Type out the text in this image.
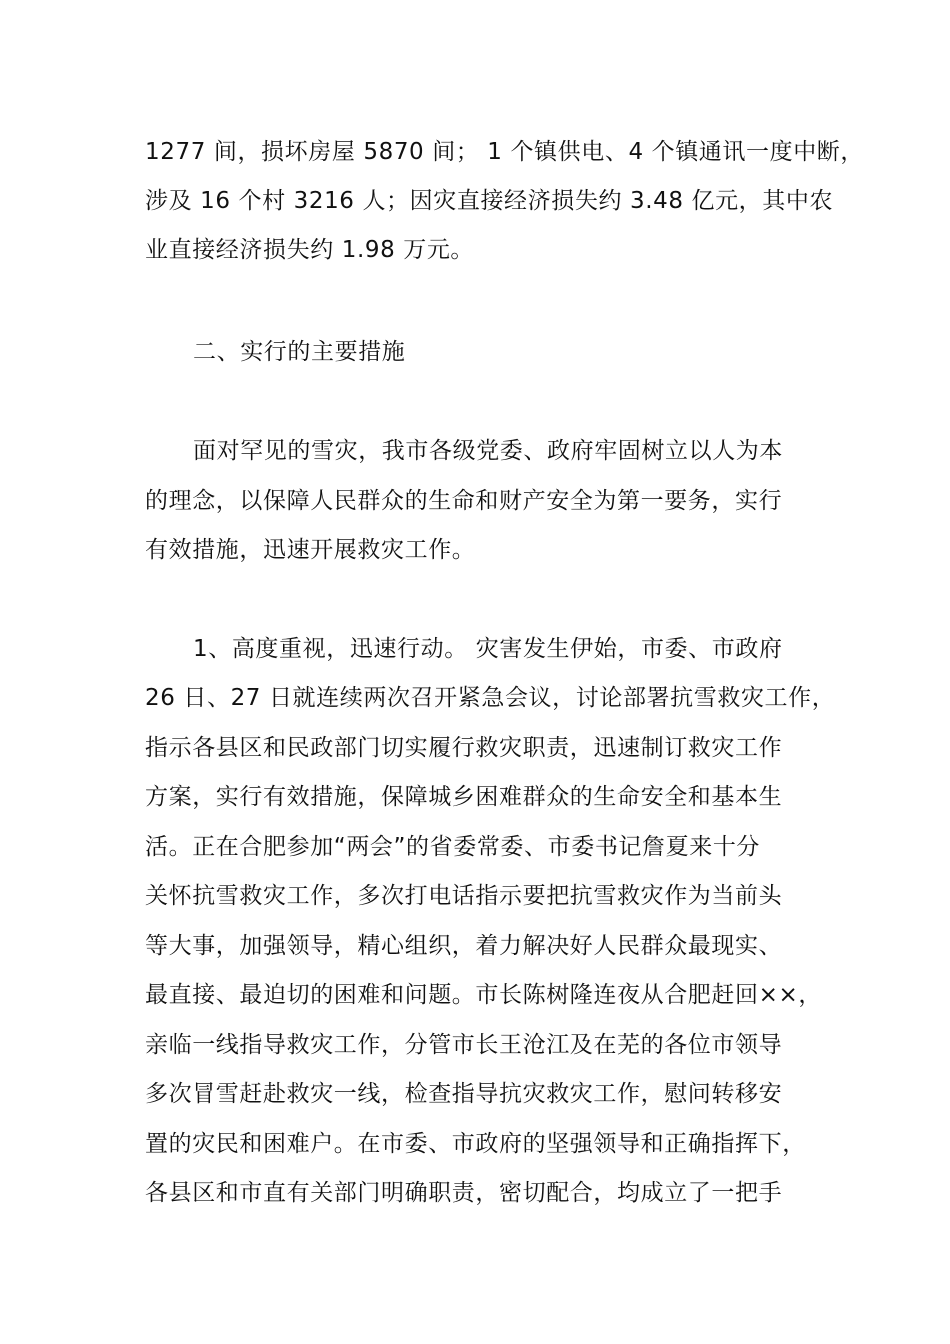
1277 间，损坏房屋 5870 间； 1 个镇供电、4 个镇通讯一度中断，
涉及 16 个村 3216 人；因灾直接经济损失约 3.48 亿元，其中农
业直接经济损失约 1.98 万元。
二、实行的主要措施
面对罕见的雪灾，我市各级党委、政府牢固树立以人为本
的理念，以保障人民群众的生命和财产安全为第一要务，实行
有效措施，迅速开展救灾工作。
1、高度重视，迅速行动。 灾害发生伊始，市委、市政府
26 日、27 日就连续两次召开紧急会议，讨论部署抗雪救灾工作，
指示各县区和民政部门切实履行救灾职责，迅速制订救灾工作
方案，实行有效措施，保障城乡困难群众的生命安全和基本生
活。正在合肥参加“两会”的省委常委、市委书记詹夏来十分
关怀抗雪救灾工作，多次打电话指示要把抗雪救灾作为当前头
等大事，加强领导，精心组织，着力解决好人民群众最现实、
最直接、最迫切的困难和问题。市长陈树隆连夜从合肥赶回××，
亲临一线指导救灾工作，分管市长王沧江及在芜的各位市领导
多次冒雪赶赴救灾一线，检查指导抗灾救灾工作，慰问转移安
置的灾民和困难户。在市委、市政府的坚强领导和正确指挥下，
各县区和市直有关部门明确职责，密切配合，均成立了一把手
